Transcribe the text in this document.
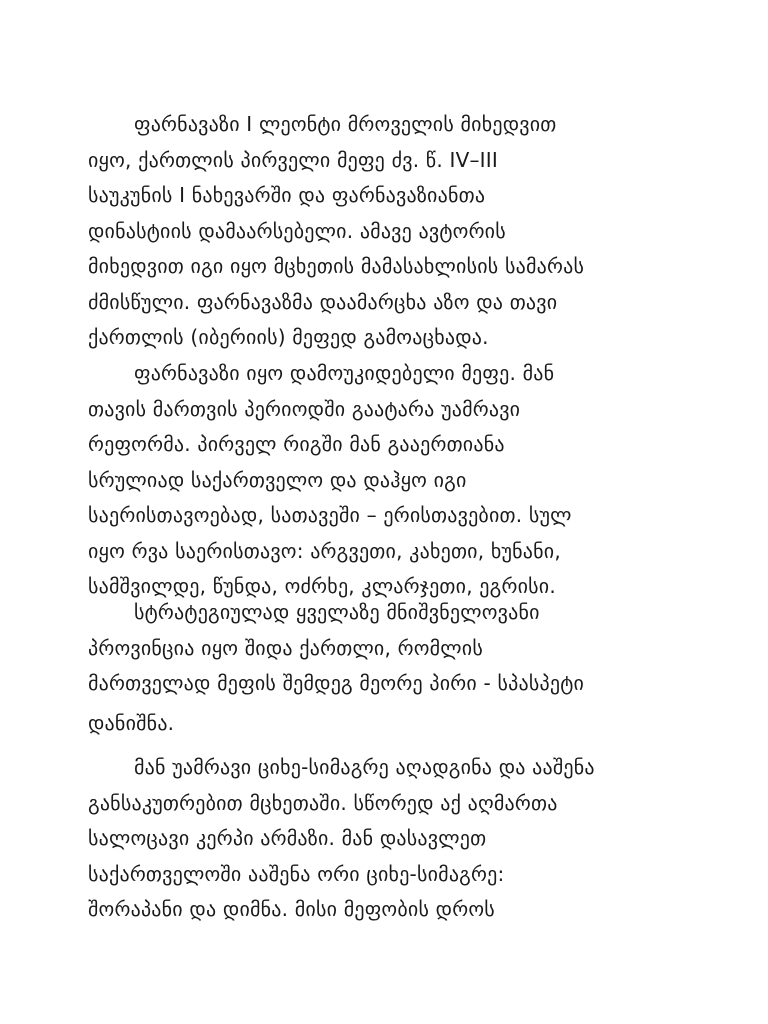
ფარნავაზი I ლეონტი მროველის მიხედვით
იყო, ქართლის პირველი მეფე ძვ. წ. IV–III
საუკუნის I ნახევარში და ფარნავაზიანთა
დინასტიის დამაარსებელი. ამავე ავტორის
მიხედვით იგი იყო მცხეთის მამასახლისის სამარას
ძმისწული. ფარნავაზმა დაამარცხა აზო და თავი
ქართლის (იბერიის) მეფედ გამოაცხადა.

ფარნავაზი იყო დამოუკიდებელი მეფე. მან
თავის მართვის პერიოდში გაატარა უამრავი
რეფორმა. პირველ რიგში მან გააერთიანა
სრულიად საქართველო და დაჰყო იგი
საერისთავოებად, სათავეში – ერისთავებით. სულ
იყო რვა საერისთავო: არგვეთი, კახეთი, ხუნანი,
სამშვილდე, წუნდა, ოძრხე, კლარჯეთი, ეგრისი.

სტრატეგიულად ყველაზე მნიშვნელოვანი
პროვინცია იყო შიდა ქართლი, რომლის
მართველად მეფის შემდეგ მეორე პირი - სპასპეტი
დანიშნა.

მან უამრავი ციხე-სიმაგრე აღადგინა და ააშენა
განსაკუთრებით მცხეთაში. სწორედ აქ აღმართა
სალოცავი კერპი არმაზი. მან დასავლეთ
საქართველოში ააშენა ორი ციხე-სიმაგრე:
შორაპანი და დიმნა. მისი მეფობის დროს
